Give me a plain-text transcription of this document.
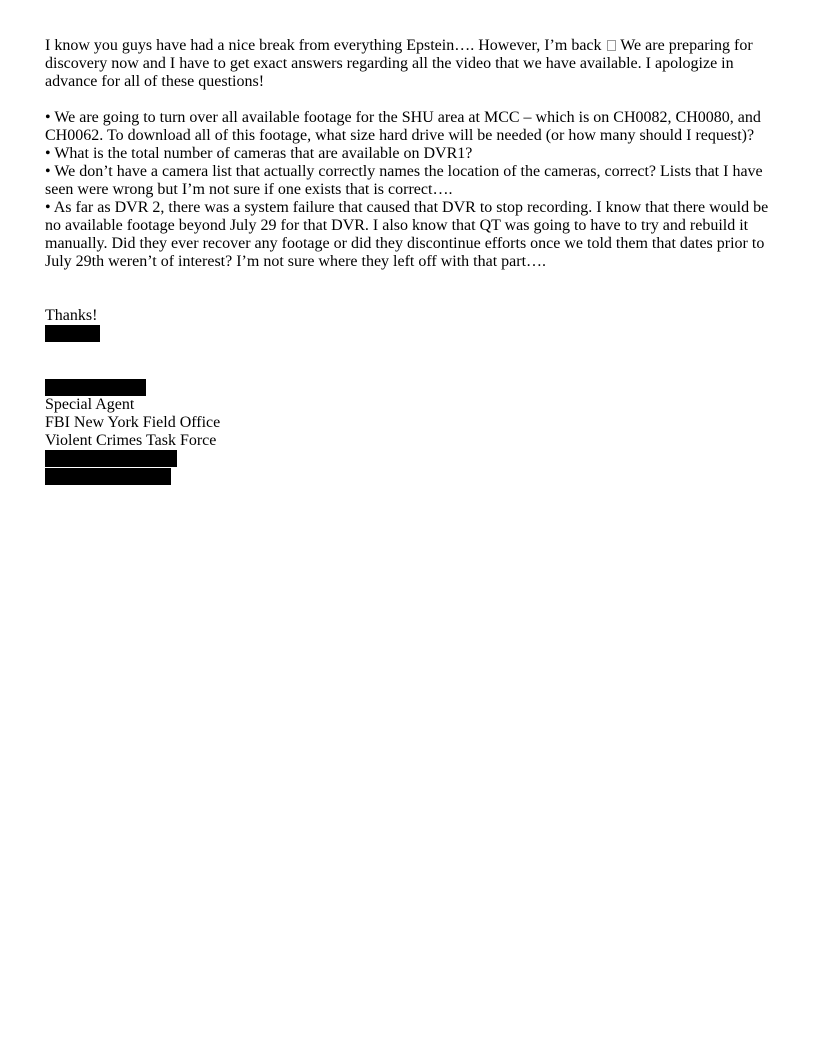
I know you guys have had a nice break from everything Epstein…. However, I’m back We are preparing for discovery now and I have to get exact answers regarding all the video that we have available. I apologize in advance for all of these questions!

• We are going to turn over all available footage for the SHU area at MCC – which is on CH0082, CH0080, and CH0062. To download all of this footage, what size hard drive will be needed (or how many should I request)?

• What is the total number of cameras that are available on DVR1?

• We don’t have a camera list that actually correctly names the location of the cameras, correct? Lists that I have seen were wrong but I’m not sure if one exists that is correct….

• As far as DVR 2, there was a system failure that caused that DVR to stop recording. I know that there would be no available footage beyond July 29 for that DVR. I also know that QT was going to have to try and rebuild it manually. Did they ever recover any footage or did they discontinue efforts once we told them that dates prior to July 29th weren’t of interest? I’m not sure where they left off with that part….

Thanks!

Special Agent

FBI New York Field Office

Violent Crimes Task Force
